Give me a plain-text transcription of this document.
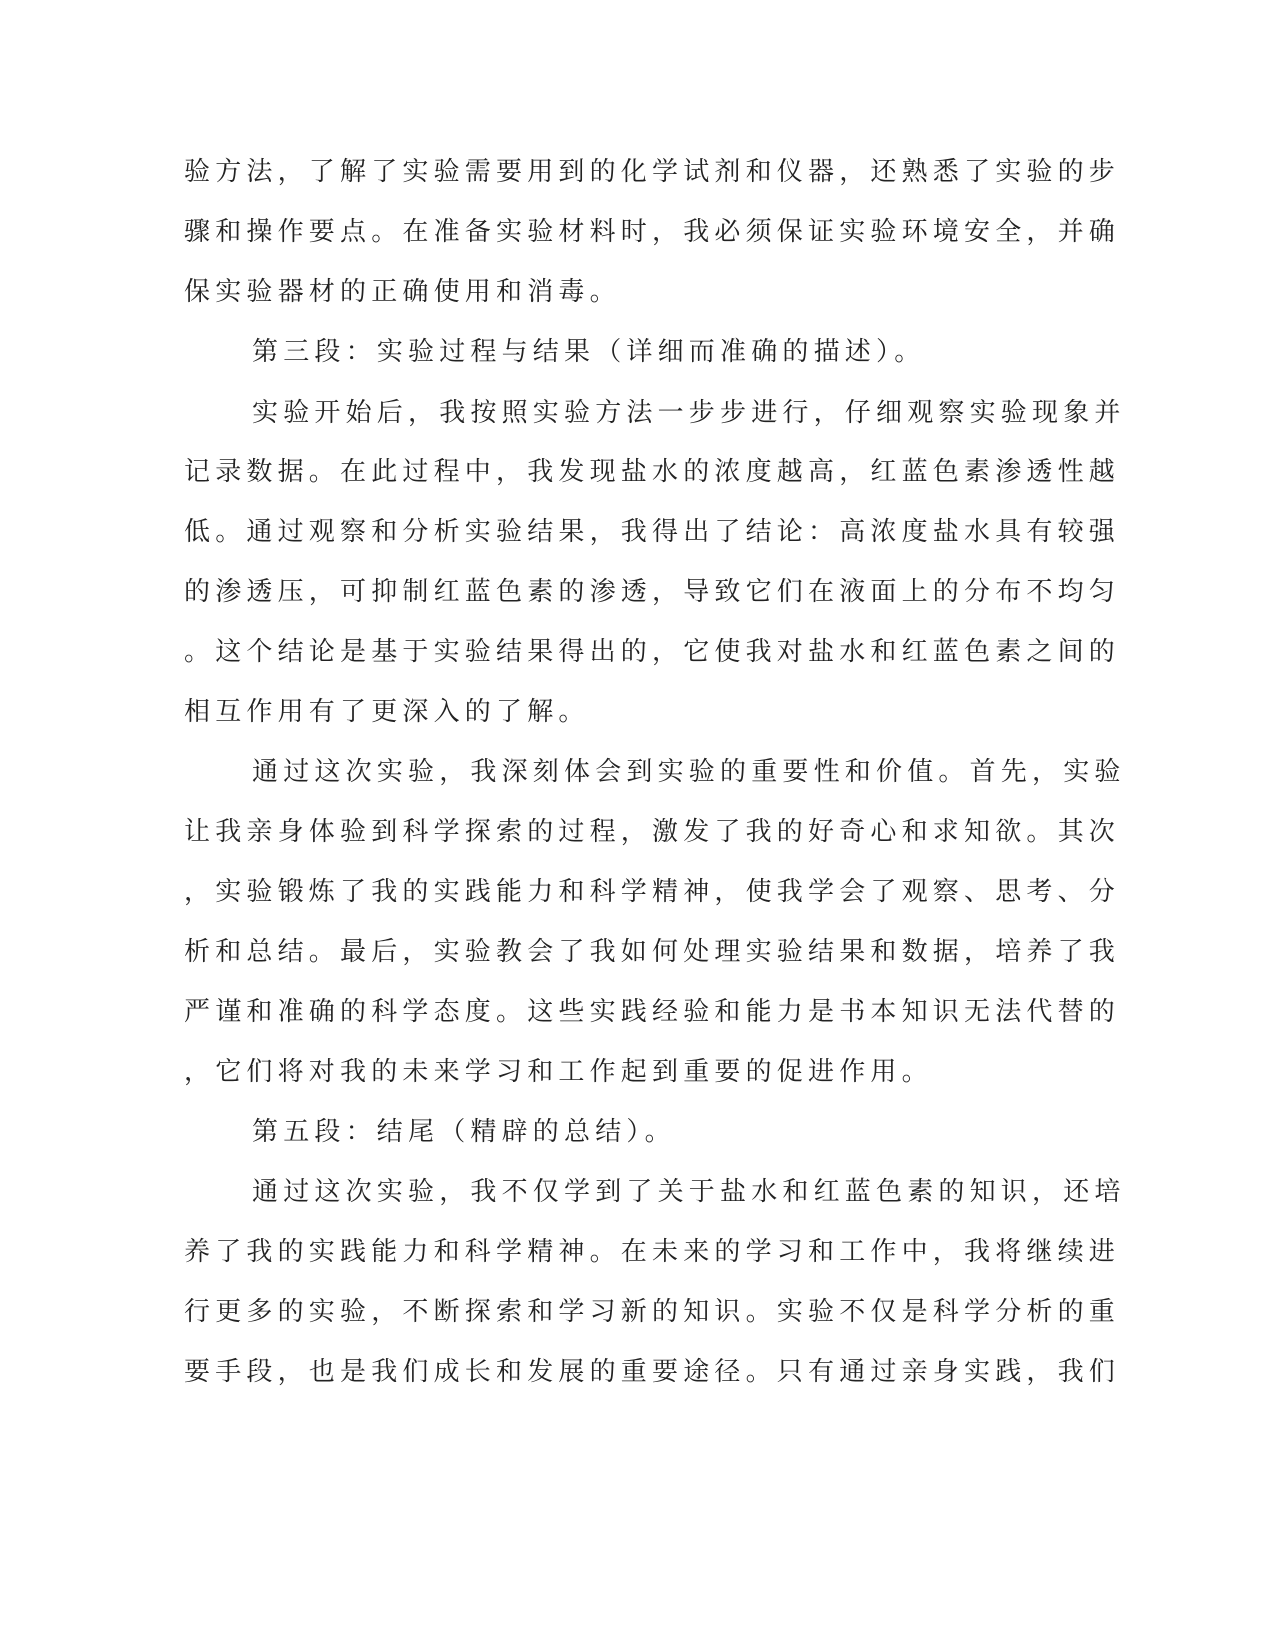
验方法，了解了实验需要用到的化学试剂和仪器，还熟悉了实验的步
骤和操作要点。在准备实验材料时，我必须保证实验环境安全，并确
保实验器材的正确使用和消毒。
第三段：实验过程与结果（详细而准确的描述）。
实验开始后，我按照实验方法一步步进行，仔细观察实验现象并
记录数据。在此过程中，我发现盐水的浓度越高，红蓝色素渗透性越
低。通过观察和分析实验结果，我得出了结论：高浓度盐水具有较强
的渗透压，可抑制红蓝色素的渗透，导致它们在液面上的分布不均匀
。这个结论是基于实验结果得出的，它使我对盐水和红蓝色素之间的
相互作用有了更深入的了解。
通过这次实验，我深刻体会到实验的重要性和价值。首先，实验
让我亲身体验到科学探索的过程，激发了我的好奇心和求知欲。其次
，实验锻炼了我的实践能力和科学精神，使我学会了观察、思考、分
析和总结。最后，实验教会了我如何处理实验结果和数据，培养了我
严谨和准确的科学态度。这些实践经验和能力是书本知识无法代替的
，它们将对我的未来学习和工作起到重要的促进作用。
第五段：结尾（精辟的总结）。
通过这次实验，我不仅学到了关于盐水和红蓝色素的知识，还培
养了我的实践能力和科学精神。在未来的学习和工作中，我将继续进
行更多的实验，不断探索和学习新的知识。实验不仅是科学分析的重
要手段，也是我们成长和发展的重要途径。只有通过亲身实践，我们
